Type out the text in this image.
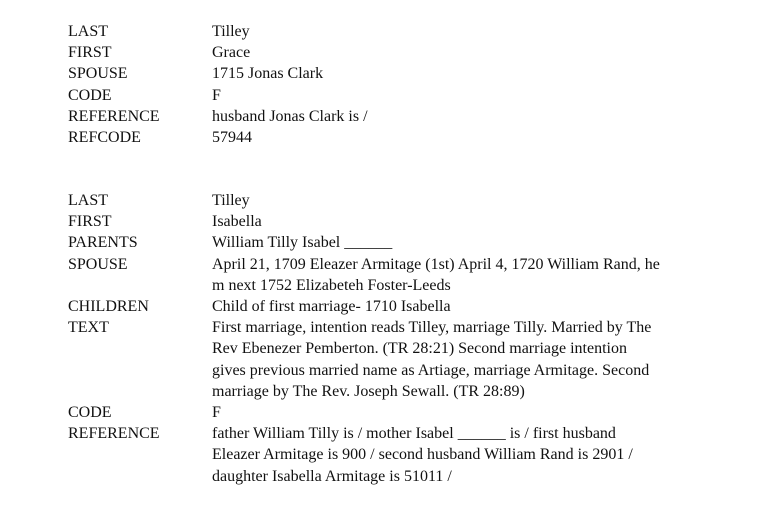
LAST	Tilley
FIRST	Grace
SPOUSE	1715 Jonas Clark
CODE	F
REFERENCE	husband Jonas Clark is /
REFCODE	57944
LAST	Tilley
FIRST	Isabella
PARENTS	William Tilly Isabel ______
SPOUSE	April 21, 1709 Eleazer Armitage (1st) April 4, 1720 William Rand, he
m next 1752 Elizabeteh Foster-Leeds
CHILDREN	Child of first marriage- 1710 Isabella
TEXT	First marriage, intention reads Tilley, marriage Tilly. Married by The
Rev Ebenezer Pemberton. (TR 28:21) Second marriage intention
gives previous married name as Artiage, marriage Armitage. Second
marriage by The Rev. Joseph Sewall. (TR 28:89)
CODE	F
REFERENCE	father William Tilly is / mother Isabel ______ is / first husband
Eleazer Armitage is 900 / second husband William Rand is 2901 /
daughter Isabella Armitage is 51011 /
